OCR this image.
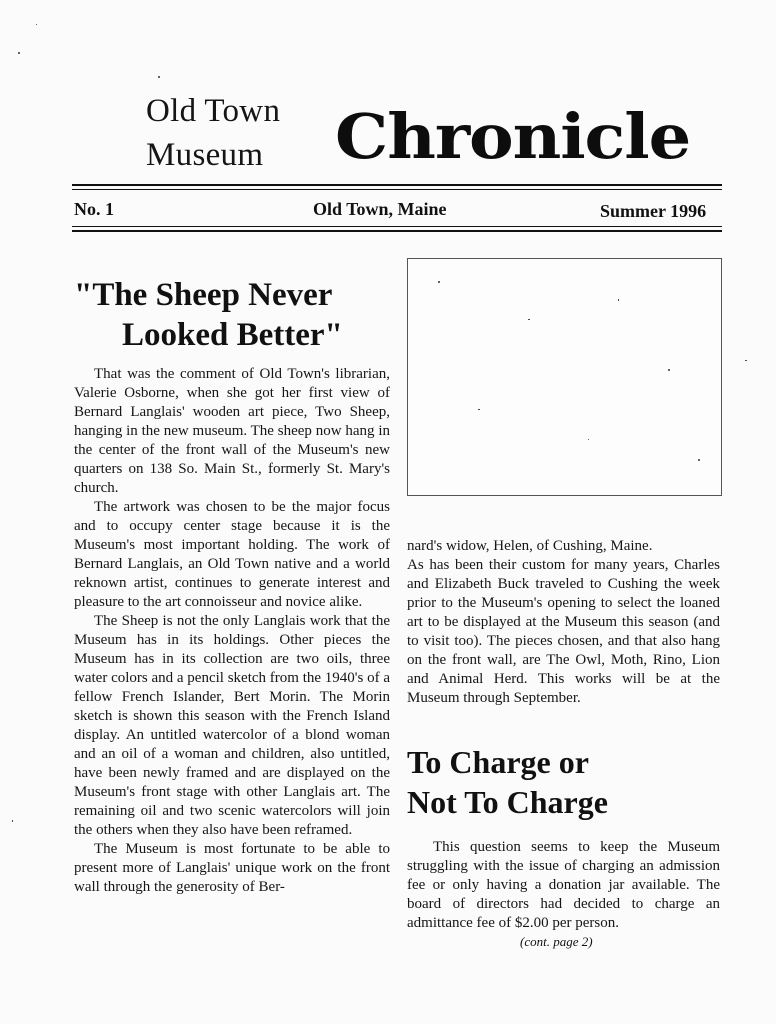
Old Town
Museum Chronicle
No. 1	Old Town, Maine	Summer 1996
"The Sheep Never
Looked Better"

That was the comment of Old Town's librarian, Valerie Osborne, when she got her first view of Bernard Langlais' wooden art piece, Two Sheep, hanging in the new museum. The sheep now hang in the center of the front wall of the Museum's new quarters on 138 So. Main St., formerly St. Mary's church.

The artwork was chosen to be the major focus and to occupy center stage because it is the Museum's most important holding. The work of Bernard Langlais, an Old Town native and a world reknown artist, continues to generate interest and pleasure to the art connoisseur and novice alike.

The Sheep is not the only Langlais work that the Museum has in its holdings. Other pieces the Museum has in its collection are two oils, three water colors and a pencil sketch from the 1940's of a fellow French Islander, Bert Morin. The Morin sketch is shown this season with the French Island display. An untitled watercolor of a blond woman and an oil of a woman and children, also untitled, have been newly framed and are displayed on the Museum's front stage with other Langlais art. The remaining oil and two scenic watercolors will join the others when they also have been reframed.

The Museum is most fortunate to be able to present more of Langlais' unique work on the front wall through the generosity of Ber-

nard's widow, Helen, of Cushing, Maine.

As has been their custom for many years, Charles and Elizabeth Buck traveled to Cushing the week prior to the Museum's opening to select the loaned art to be displayed at the Museum this season (and to visit too). The pieces chosen, and that also hang on the front wall, are The Owl, Moth, Rino, Lion and Animal Herd. This works will be at the Museum through September.

To Charge or
Not To Charge

This question seems to keep the Museum struggling with the issue of charging an admission fee or only having a donation jar available. The board of directors had decided to charge an admittance fee of $2.00 per person.

(cont. page 2)
